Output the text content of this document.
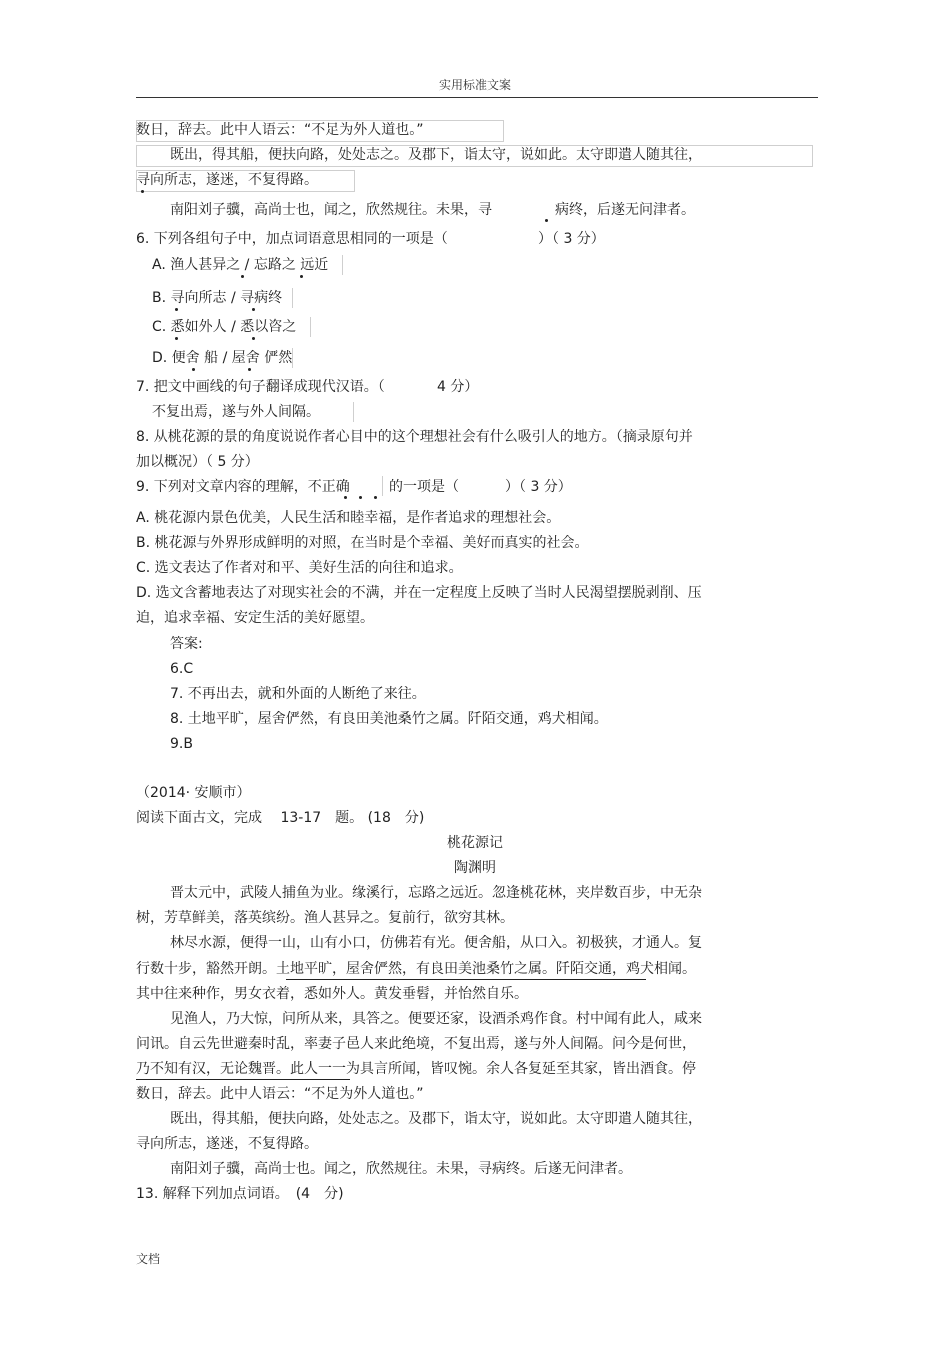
实用标准文案
数日，辞去。此中人语云：“不足为外人道也。”
既出，得其船，便扶向路，处处志之。及郡下，诣太守，说如此。太守即遣人随其往，
寻向所志，遂迷，不复得路。
南阳刘子骥，高尚士也，闻之，欣然规往。未果，寻	病终，后遂无问津者。
6. 下列各组句子中，加点词语意思相同的一项是（	）（ 3 分）
A. 渔人甚异之 / 忘路之 远近
B. 寻向所志 / 寻病终
C. 悉如外人 / 悉以咨之
D. 便舍 船 / 屋舍 俨然
7. 把文中画线的句子翻译成现代汉语。（	4 分）
不复出焉，遂与外人间隔。
8. 从桃花源的景的角度说说作者心目中的这个理想社会有什么吸引人的地方。（摘录原句并
加以概况）（ 5 分）
9. 下列对文章内容的理解，不正确	的一项是（	）（ 3 分）
A. 桃花源内景色优美，人民生活和睦幸福，是作者追求的理想社会。
B. 桃花源与外界形成鲜明的对照，在当时是个幸福、美好而真实的社会。
C. 选文表达了作者对和平、美好生活的向往和追求。
D. 选文含蓄地表达了对现实社会的不满，并在一定程度上反映了当时人民渴望摆脱剥削、压
迫，追求幸福、安定生活的美好愿望。
答案:
6.C
7. 不再出去，就和外面的人断绝了来往。
8. 土地平旷，屋舍俨然，有良田美池桑竹之属。阡陌交通，鸡犬相闻。
9.B
（2014· 安顺市）
阅读下面古文，完成　 13-17　题。 (18　分)
桃花源记
陶渊明
晋太元中，武陵人捕鱼为业。缘溪行，忘路之远近。忽逢桃花林，夹岸数百步，中无杂
树，芳草鲜美，落英缤纷。渔人甚异之。复前行，欲穷其林。
林尽水源，便得一山，山有小口，仿佛若有光。便舍船，从口入。初极狭，才通人。复
行数十步，豁然开朗。土地平旷，屋舍俨然，有良田美池桑竹之属。阡陌交通，鸡犬相闻。
其中往来种作，男女衣着，悉如外人。黄发垂髫，并怡然自乐。
见渔人，乃大惊，问所从来，具答之。便要还家，设酒杀鸡作食。村中闻有此人，咸来
问讯。自云先世避秦时乱，率妻子邑人来此绝境，不复出焉，遂与外人间隔。问今是何世，
乃不知有汉，无论魏晋。此人一一为具言所闻，皆叹惋。余人各复延至其家，皆出酒食。停
数日，辞去。此中人语云：“不足为外人道也。”
既出，得其船，便扶向路，处处志之。及郡下，诣太守，说如此。太守即遣人随其往，
寻向所志，遂迷，不复得路。
南阳刘子骥，高尚士也。闻之，欣然规往。未果，寻病终。后遂无问津者。
13. 解释下列加点词语。　(4　分)
文档
